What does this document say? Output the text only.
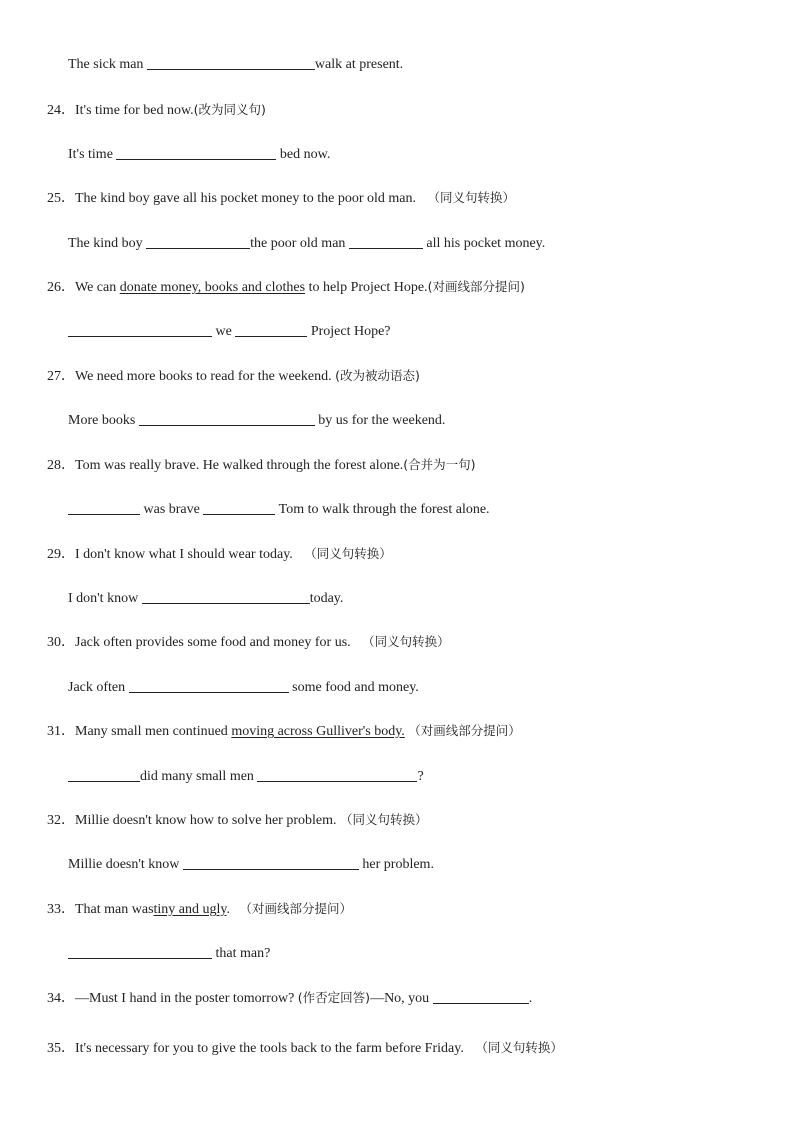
The sick man	walk at present.
24．It's time for bed now.(改为同义句)
It's time	bed now.
25．The kind boy gave all his pocket money to the poor old man. （同义句转换）
The kind boy	the poor old man	all his pocket money.
26．We can donate money, books and clothes to help Project Hope.(对画线部分提问)
we	Project Hope?
27．We need more books to read for the weekend. (改为被动语态)
More books	by us for the weekend.
28．Tom was really brave. He walked through the forest alone.(合并为一句)
was brave	Tom to walk through the forest alone.
29．I don't know what I should wear today. （同义句转换）
I don't know	today.
30．Jack often provides some food and money for us. （同义句转换）
Jack often	some food and money.
31．Many small men continued moving across Gulliver's body. （对画线部分提问）
did many small men	?
32．Millie doesn't know how to solve her problem. （同义句转换）
Millie doesn't know	her problem.
33．That man wastiny and ugly. （对画线部分提问）
that man?
34．—Must I hand in the poster tomorrow? (作否定回答)—No, you	.
35．It's necessary for you to give the tools back to the farm before Friday. （同义句转换）
